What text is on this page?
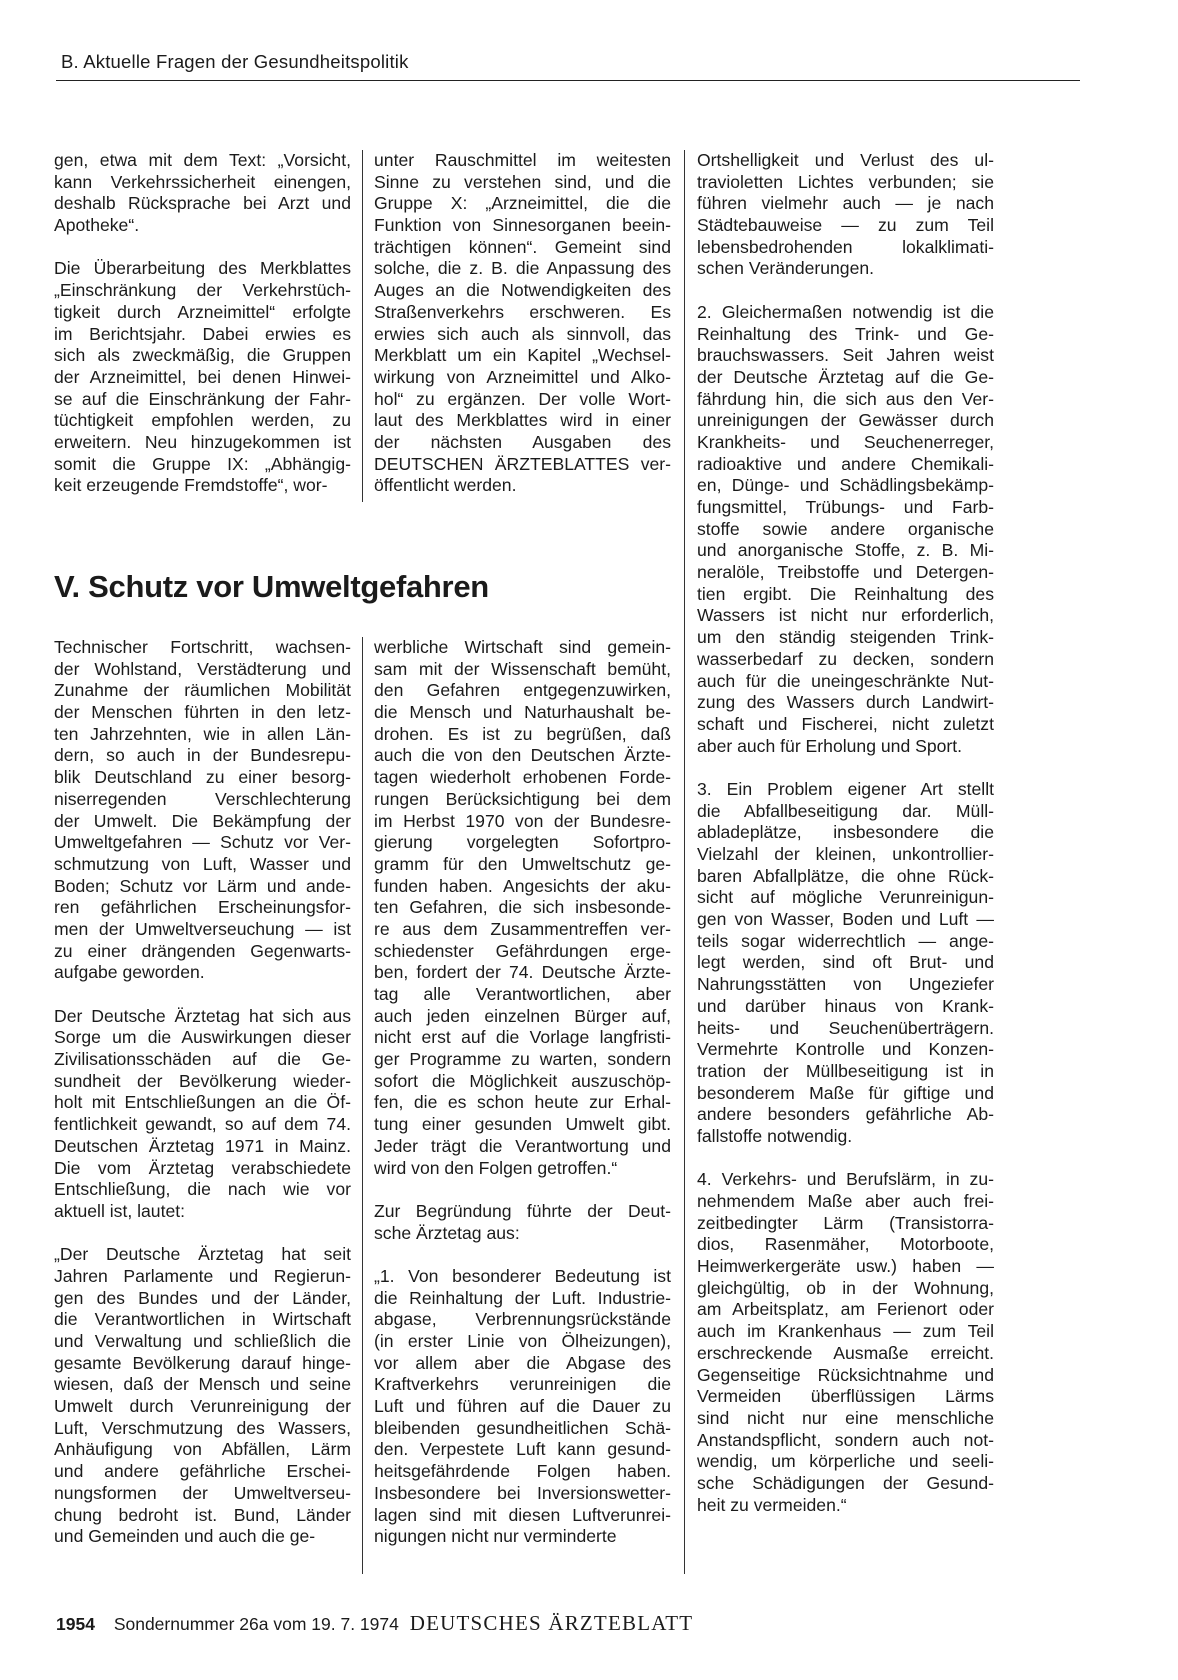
B. Aktuelle Fragen der Gesundheitspolitik
gen, etwa mit dem Text: „Vorsicht,
kann Verkehrssicherheit einengen,
deshalb Rücksprache bei Arzt und
Apotheke“.
Die Überarbeitung des Merkblattes
„Einschränkung der Verkehrstüch-
tigkeit durch Arzneimittel“ erfolgte
im Berichtsjahr. Dabei erwies es
sich als zweckmäßig, die Gruppen
der Arzneimittel, bei denen Hinwei-
se auf die Einschränkung der Fahr-
tüchtigkeit empfohlen werden, zu
erweitern. Neu hinzugekommen ist
somit die Gruppe IX: „Abhängig-
keit erzeugende Fremdstoffe“, wor-
unter Rauschmittel im weitesten
Sinne zu verstehen sind, und die
Gruppe X: „Arzneimittel, die die
Funktion von Sinnesorganen beein-
trächtigen können“. Gemeint sind
solche, die z. B. die Anpassung des
Auges an die Notwendigkeiten des
Straßenverkehrs erschweren. Es
erwies sich auch als sinnvoll, das
Merkblatt um ein Kapitel „Wechsel-
wirkung von Arzneimittel und Alko-
hol“ zu ergänzen. Der volle Wort-
laut des Merkblattes wird in einer
der nächsten Ausgaben des
DEUTSCHEN ÄRZTEBLATTES ver-
öffentlicht werden.
V. Schutz vor Umweltgefahren
Technischer Fortschritt, wachsen-
der Wohlstand, Verstädterung und
Zunahme der räumlichen Mobilität
der Menschen führten in den letz-
ten Jahrzehnten, wie in allen Län-
dern, so auch in der Bundesrepu-
blik Deutschland zu einer besorg-
niserregenden Verschlechterung
der Umwelt. Die Bekämpfung der
Umweltgefahren — Schutz vor Ver-
schmutzung von Luft, Wasser und
Boden; Schutz vor Lärm und ande-
ren gefährlichen Erscheinungsfor-
men der Umweltverseuchung — ist
zu einer drängenden Gegenwarts-
aufgabe geworden.
Der Deutsche Ärztetag hat sich aus
Sorge um die Auswirkungen dieser
Zivilisationsschäden auf die Ge-
sundheit der Bevölkerung wieder-
holt mit Entschließungen an die Öf-
fentlichkeit gewandt, so auf dem 74.
Deutschen Ärztetag 1971 in Mainz.
Die vom Ärztetag verabschiedete
Entschließung, die nach wie vor
aktuell ist, lautet:
„Der Deutsche Ärztetag hat seit
Jahren Parlamente und Regierun-
gen des Bundes und der Länder,
die Verantwortlichen in Wirtschaft
und Verwaltung und schließlich die
gesamte Bevölkerung darauf hinge-
wiesen, daß der Mensch und seine
Umwelt durch Verunreinigung der
Luft, Verschmutzung des Wassers,
Anhäufigung von Abfällen, Lärm
und andere gefährliche Erschei-
nungsformen der Umweltverseu-
chung bedroht ist. Bund, Länder
und Gemeinden und auch die ge-
werbliche Wirtschaft sind gemein-
sam mit der Wissenschaft bemüht,
den Gefahren entgegenzuwirken,
die Mensch und Naturhaushalt be-
drohen. Es ist zu begrüßen, daß
auch die von den Deutschen Ärzte-
tagen wiederholt erhobenen Forde-
rungen Berücksichtigung bei dem
im Herbst 1970 von der Bundesre-
gierung vorgelegten Sofortpro-
gramm für den Umweltschutz ge-
funden haben. Angesichts der aku-
ten Gefahren, die sich insbesonde-
re aus dem Zusammentreffen ver-
schiedenster Gefährdungen erge-
ben, fordert der 74. Deutsche Ärzte-
tag alle Verantwortlichen, aber
auch jeden einzelnen Bürger auf,
nicht erst auf die Vorlage langfristi-
ger Programme zu warten, sondern
sofort die Möglichkeit auszuschöp-
fen, die es schon heute zur Erhal-
tung einer gesunden Umwelt gibt.
Jeder trägt die Verantwortung und
wird von den Folgen getroffen.“
Zur Begründung führte der Deut-
sche Ärztetag aus:
„1. Von besonderer Bedeutung ist
die Reinhaltung der Luft. Industrie-
abgase, Verbrennungsrückstände
(in erster Linie von Ölheizungen),
vor allem aber die Abgase des
Kraftverkehrs verunreinigen die
Luft und führen auf die Dauer zu
bleibenden gesundheitlichen Schä-
den. Verpestete Luft kann gesund-
heitsgefährdende Folgen haben.
Insbesondere bei Inversionswetter-
lagen sind mit diesen Luftverunrei-
nigungen nicht nur verminderte
Ortshelligkeit und Verlust des ul-
travioletten Lichtes verbunden; sie
führen vielmehr auch — je nach
Städtebauweise — zu zum Teil
lebensbedrohenden lokalklimati-
schen Veränderungen.
2. Gleichermaßen notwendig ist die
Reinhaltung des Trink- und Ge-
brauchswassers. Seit Jahren weist
der Deutsche Ärztetag auf die Ge-
fährdung hin, die sich aus den Ver-
unreinigungen der Gewässer durch
Krankheits- und Seuchenerreger,
radioaktive und andere Chemikali-
en, Dünge- und Schädlingsbekämp-
fungsmittel, Trübungs- und Farb-
stoffe sowie andere organische
und anorganische Stoffe, z. B. Mi-
neralöle, Treibstoffe und Detergen-
tien ergibt. Die Reinhaltung des
Wassers ist nicht nur erforderlich,
um den ständig steigenden Trink-
wasserbedarf zu decken, sondern
auch für die uneingeschränkte Nut-
zung des Wassers durch Landwirt-
schaft und Fischerei, nicht zuletzt
aber auch für Erholung und Sport.
3. Ein Problem eigener Art stellt
die Abfallbeseitigung dar. Müll-
abladeplätze, insbesondere die
Vielzahl der kleinen, unkontrollier-
baren Abfallplätze, die ohne Rück-
sicht auf mögliche Verunreinigun-
gen von Wasser, Boden und Luft —
teils sogar widerrechtlich — ange-
legt werden, sind oft Brut- und
Nahrungsstätten von Ungeziefer
und darüber hinaus von Krank-
heits- und Seuchenüberträgern.
Vermehrte Kontrolle und Konzen-
tration der Müllbeseitigung ist in
besonderem Maße für giftige und
andere besonders gefährliche Ab-
fallstoffe notwendig.
4. Verkehrs- und Berufslärm, in zu-
nehmendem Maße aber auch frei-
zeitbedingter Lärm (Transistorra-
dios, Rasenmäher, Motorboote,
Heimwerkergeräte usw.) haben —
gleichgültig, ob in der Wohnung,
am Arbeitsplatz, am Ferienort oder
auch im Krankenhaus — zum Teil
erschreckende Ausmaße erreicht.
Gegenseitige Rücksichtnahme und
Vermeiden überflüssigen Lärms
sind nicht nur eine menschliche
Anstandspflicht, sondern auch not-
wendig, um körperliche und seeli-
sche Schädigungen der Gesund-
heit zu vermeiden.“
1954 Sondernummer 26a vom 19. 7. 1974 DEUTSCHES ÄRZTEBLATT
